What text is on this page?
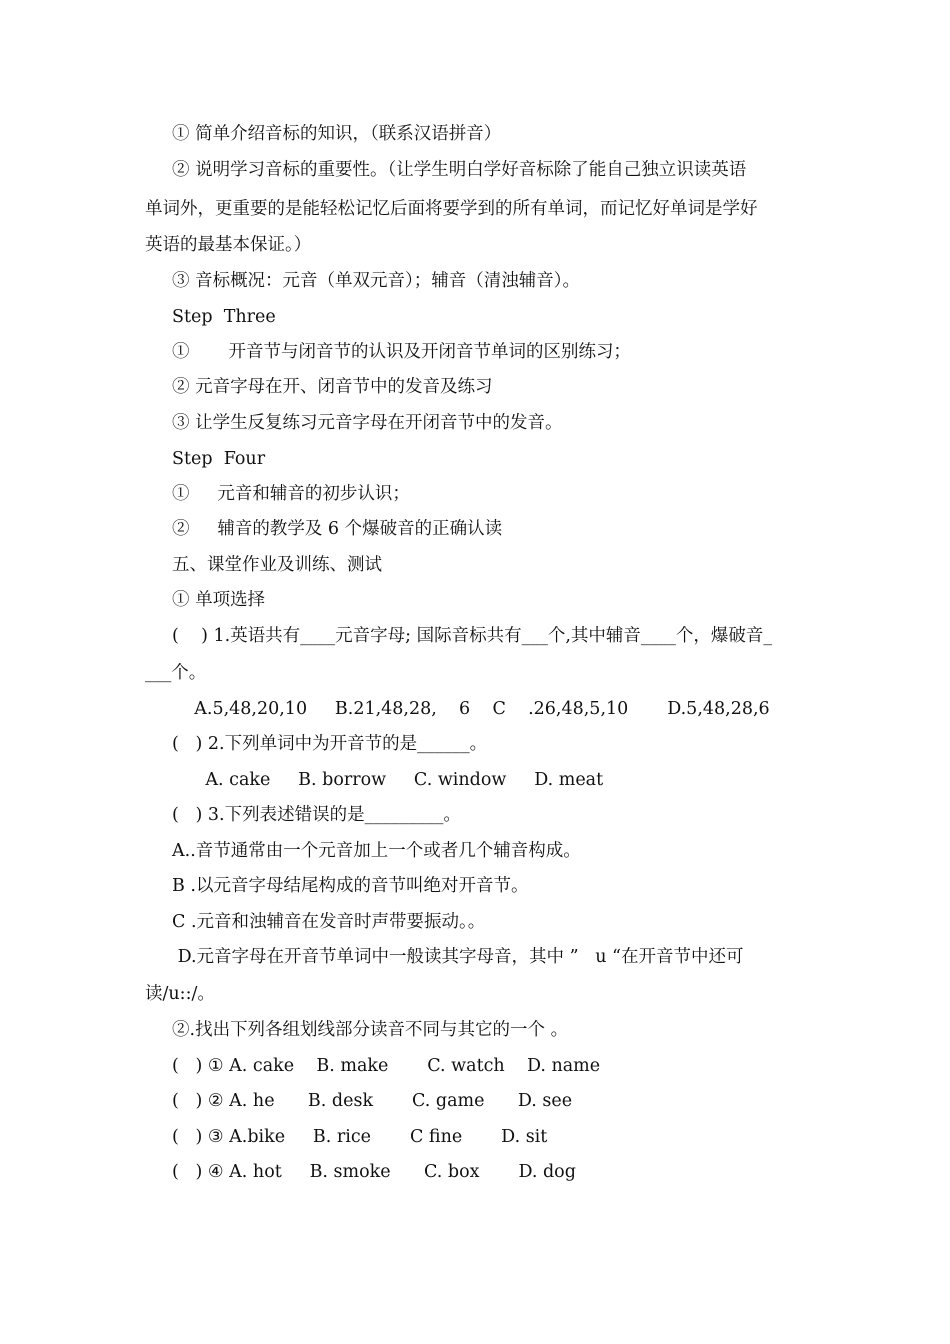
① 简单介绍音标的知识，（联系汉语拼音）
② 说明学习音标的重要性。（让学生明白学好音标除了能自己独立识读英语
单词外，更重要的是能轻松记忆后面将要学到的所有单词，而记忆好单词是学好
英语的最基本保证。）
③ 音标概况：元音（单双元音）；辅音（清浊辅音）。
Step  Three
①       开音节与闭音节的认识及开闭音节单词的区别练习；
② 元音字母在开、闭音节中的发音及练习
③ 让学生反复练习元音字母在开闭音节中的发音。
Step  Four
①     元音和辅音的初步认识；
②     辅音的教学及 6 个爆破音的正确认读
五、课堂作业及训练、测试
① 单项选择
(    ) 1.英语共有____元音字母; 国际音标共有___个,其中辅音____个，爆破音_
___个。
A.5,48,20,10     B.21,48,28,    6    C    .26,48,5,10       D.5,48,28,6
(   ) 2.下列单词中为开音节的是______。
A. cake     B. borrow     C. window     D. meat
(   ) 3.下列表述错误的是_________。
A..音节通常由一个元音加上一个或者几个辅音构成。
B .以元音字母结尾构成的音节叫绝对开音节。
C .元音和浊辅音在发音时声带要振动。。
D.元音字母在开音节单词中一般读其字母音，其中 ”   u “在开音节中还可
读/u::/。
②.找出下列各组划线部分读音不同与其它的一个 。
(   ) ① A. cake    B. make       C. watch    D. name
(   ) ② A. he      B. desk       C. game      D. see
(   ) ③ A.bike     B. rice       C fine       D. sit
(   ) ④ A. hot     B. smoke      C. box       D. dog
